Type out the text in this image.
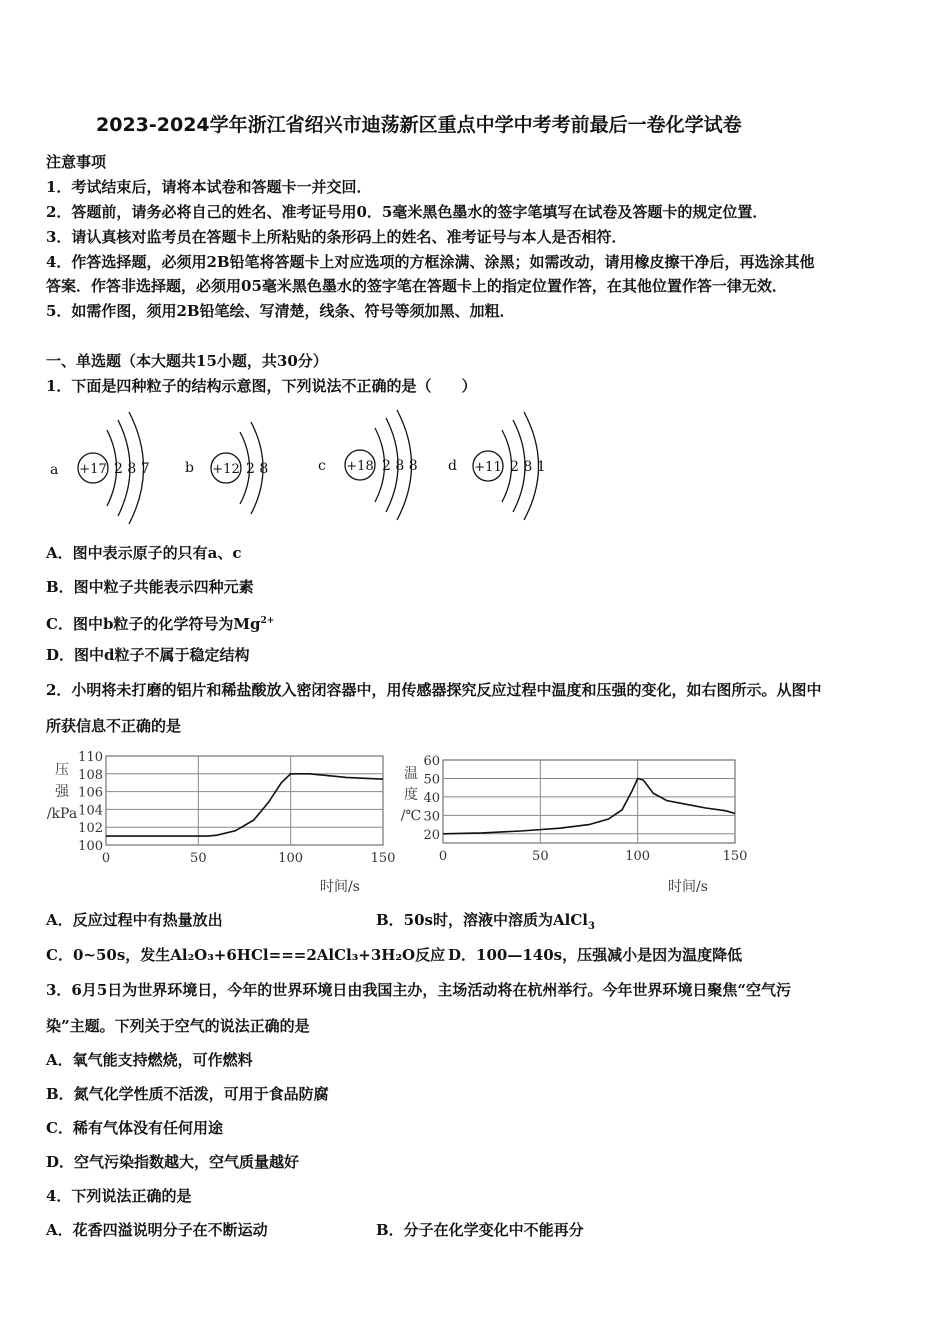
2023-2024学年浙江省绍兴市迪荡新区重点中学中考考前最后一卷化学试卷
注意事项
1．考试结束后，请将本试卷和答题卡一并交回．
2．答题前，请务必将自己的姓名、准考证号用0．5毫米黑色墨水的签字笔填写在试卷及答题卡的规定位置．
3．请认真核对监考员在答题卡上所粘贴的条形码上的姓名、准考证号与本人是否相符．
4．作答选择题，必须用2B铅笔将答题卡上对应选项的方框涂满、涂黑；如需改动，请用橡皮擦干净后，再选涂其他
答案．作答非选择题，必须用05毫米黑色墨水的签字笔在答题卡上的指定位置作答，在其他位置作答一律无效．
5．如需作图，须用2B铅笔绘、写清楚，线条、符号等须加黑、加粗．
一、单选题（本大题共15小题，共30分）
1．下面是四种粒子的结构示意图，下列说法不正确的是（　　）
a +17 2 8 7	b +12 2 8	c +18 2 8 8 d +11 2 8 1
A．图中表示原子的只有a、c
B．图中粒子共能表示四种元素
C．图中b粒子的化学符号为$Mg^{2+}$
D．图中d粒子不属于稳定结构
2．小明将未打磨的铝片和稀盐酸放入密闭容器中，用传感器探究反应过程中温度和压强的变化，如右图所示。从图中
所获信息不正确的是
0	50	100	150
100
102
104
106
108
110
压
强
/kPa
时间/s
0	50	100	150
20
30
40
50
60
温
度
/℃
时间/s
A．反应过程中有热量放出	B．50s时，溶液中溶质为AlCl$_3$
C．0~50s，发生Al₂O₃+6HCl===2AlCl₃+3H₂O反应 D．100—140s，压强减小是因为温度降低
3．6月5日为世界环境日，今年的世界环境日由我国主办，主场活动将在杭州举行。今年世界环境日聚焦“空气污
染”主题。下列关于空气的说法正确的是
A．氧气能支持燃烧，可作燃料
B．氮气化学性质不活泼，可用于食品防腐
C．稀有气体没有任何用途
D．空气污染指数越大，空气质量越好
4．下列说法正确的是
A．花香四溢说明分子在不断运动	B．分子在化学变化中不能再分
